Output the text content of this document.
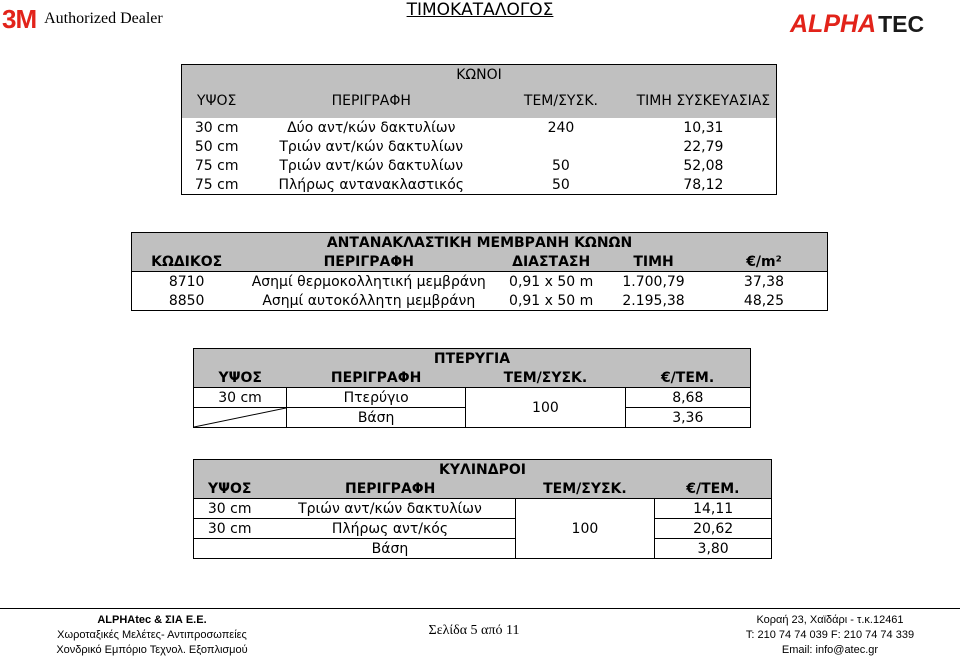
3M Authorized Dealer	ΤΙΜΟΚΑΤΑΛΟΓΟΣ	ALPHA TEC
ΚΩΝΟΙ			
ΥΨΟΣ	ΠΕΡΙΓΡΑΦΗ	ΤΕΜ/ΣΥΣΚ.	ΤΙΜΗ ΣΥΣΚΕΥΑΣΙΑΣ
30 cm	Δύο αντ/κών δακτυλίων	240	10,31
50 cm	Τριών αντ/κών δακτυλίων		22,79
75 cm	Τριών αντ/κών δακτυλίων	50	52,08
75 cm	Πλήρως αντανακλαστικός	50	78,12
ΑΝΤΑΝΑΚΛΑΣΤΙΚΗ ΜΕΜΒΡΑΝΗ ΚΩΝΩΝ				
ΚΩΔΙΚΟΣ	ΠΕΡΙΓΡΑΦΗ	ΔΙΑΣΤΑΣΗ	ΤΙΜΗ	€/m²
8710	Ασημί θερμοκολλητική μεμβράνη	0,91 x 50 m	1.700,79	37,38
8850	Ασημί αυτοκόλλητη μεμβράνη	0,91 x 50 m	2.195,38	48,25
ΠΤΕΡΥΓΙΑ			
ΥΨΟΣ	ΠΕΡΙΓΡΑΦΗ	ΤΕΜ/ΣΥΣΚ.	€/ΤΕΜ.
30 cm	Πτερύγιο	100	8,68

	Βάση		3,36
ΚΥΛΙΝΔΡΟΙ			
ΥΨΟΣ	ΠΕΡΙΓΡΑΦΗ	ΤΕΜ/ΣΥΣΚ.	€/ΤΕΜ.
30 cm	Τριών αντ/κών δακτυλίων	100	14,11
30 cm	Πλήρως αντ/κός		20,62
	Βάση		3,80
ALPHAtec & ΣΙΑ Ε.Ε.
Χωροταξικές Μελέτες- Αντιπροσωπείες
Χονδρικό Εμπόριο Τεχνολ. Εξοπλισμού
Σελίδα 5 από 11
Κοραή 23, Χαϊδάρι - τ.κ.12461
T: 210 74 74 039 F: 210 74 74 339
Email: info@atec.gr
